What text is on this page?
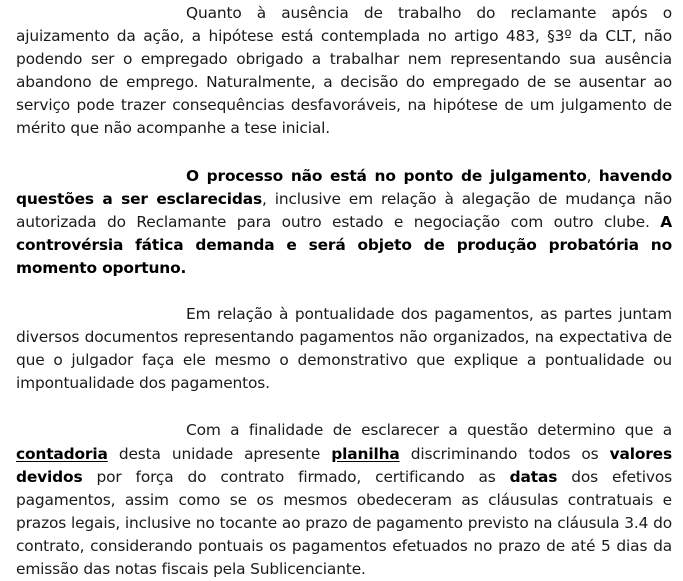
Quanto à ausência de trabalho do reclamante após o ajuizamento da ação, a hipótese está contemplada no artigo 483, §3º da CLT, não podendo ser o empregado obrigado a trabalhar nem representando sua ausência abandono de emprego. Naturalmente, a decisão do empregado de se ausentar ao serviço pode trazer consequências desfavoráveis, na hipótese de um julgamento de mérito que não acompanhe a tese inicial.

O processo não está no ponto de julgamento, havendo questões a ser esclarecidas, inclusive em relação à alegação de mudança não autorizada do Reclamante para outro estado e negociação com outro clube. A controvérsia fática demanda e será objeto de produção probatória no momento oportuno.

Em relação à pontualidade dos pagamentos, as partes juntam diversos documentos representando pagamentos não organizados, na expectativa de que o julgador faça ele mesmo o demonstrativo que explique a pontualidade ou impontualidade dos pagamentos.

Com a finalidade de esclarecer a questão determino que a contadoria desta unidade apresente planilha discriminando todos os valores devidos por força do contrato firmado, certificando as datas dos efetivos pagamentos, assim como se os mesmos obedeceram as cláusulas contratuais e prazos legais, inclusive no tocante ao prazo de pagamento previsto na cláusula 3.4 do contrato, considerando pontuais os pagamentos efetuados no prazo de até 5 dias da emissão das notas fiscais pela Sublicenciante.
